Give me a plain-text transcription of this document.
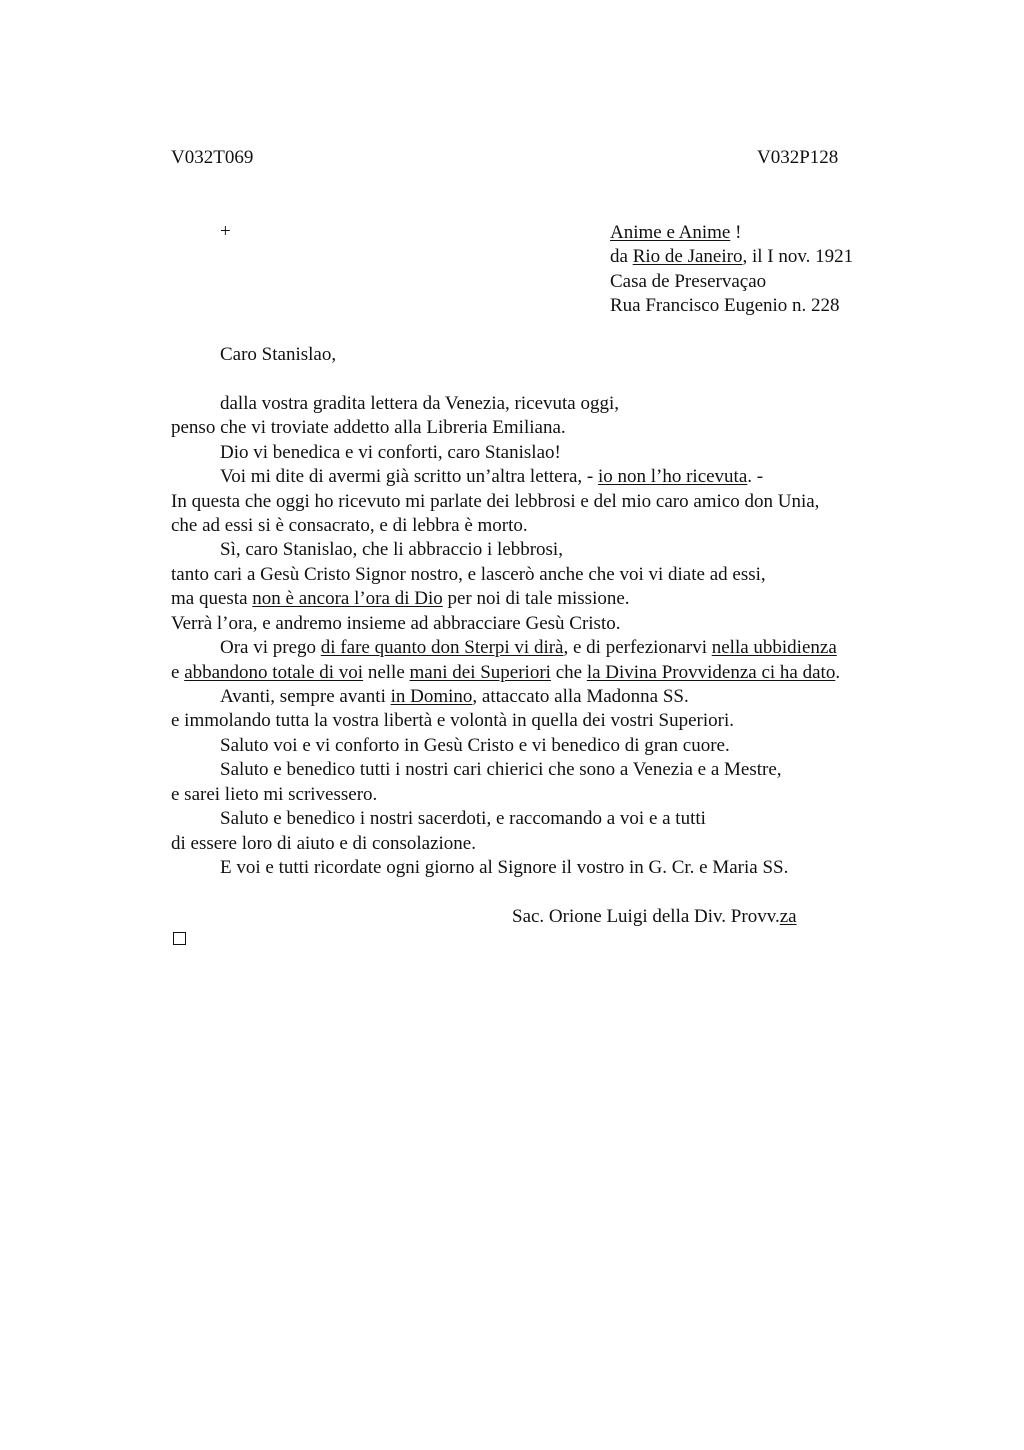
V032T069	V032P128
+	Anime e Anime !
da Rio de Janeiro, il I nov. 1921
Casa de Preservaçao
Rua Francisco Eugenio n. 228
Caro Stanislao,
dalla vostra gradita lettera da Venezia, ricevuta oggi,
penso che vi troviate addetto alla Libreria Emiliana.
Dio vi benedica e vi conforti, caro Stanislao!
Voi mi dite di avermi già scritto un’altra lettera, - io non l’ho ricevuta. -
In questa che oggi ho ricevuto mi parlate dei lebbrosi e del mio caro amico don Unia,
che ad essi si è consacrato, e di lebbra è morto.
Sì, caro Stanislao, che li abbraccio i lebbrosi,
tanto cari a Gesù Cristo Signor nostro, e lascerò anche che voi vi diate ad essi,
ma questa non è ancora l’ora di Dio per noi di tale missione.
Verrà l’ora, e andremo insieme ad abbracciare Gesù Cristo.
Ora vi prego di fare quanto don Sterpi vi dirà, e di perfezionarvi nella ubbidienza
e abbandono totale di voi nelle mani dei Superiori che la Divina Provvidenza ci ha dato.
Avanti, sempre avanti in Domino, attaccato alla Madonna SS.
e immolando tutta la vostra libertà e volontà in quella dei vostri Superiori.
Saluto voi e vi conforto in Gesù Cristo e vi benedico di gran cuore.
Saluto e benedico tutti i nostri cari chierici che sono a Venezia e a Mestre,
e sarei lieto mi scrivessero.
Saluto e benedico i nostri sacerdoti, e raccomando a voi e a tutti
di essere loro di aiuto e di consolazione.
E voi e tutti ricordate ogni giorno al Signore il vostro in G. Cr. e Maria SS.
Sac. Orione Luigi della Div. Provv.za
